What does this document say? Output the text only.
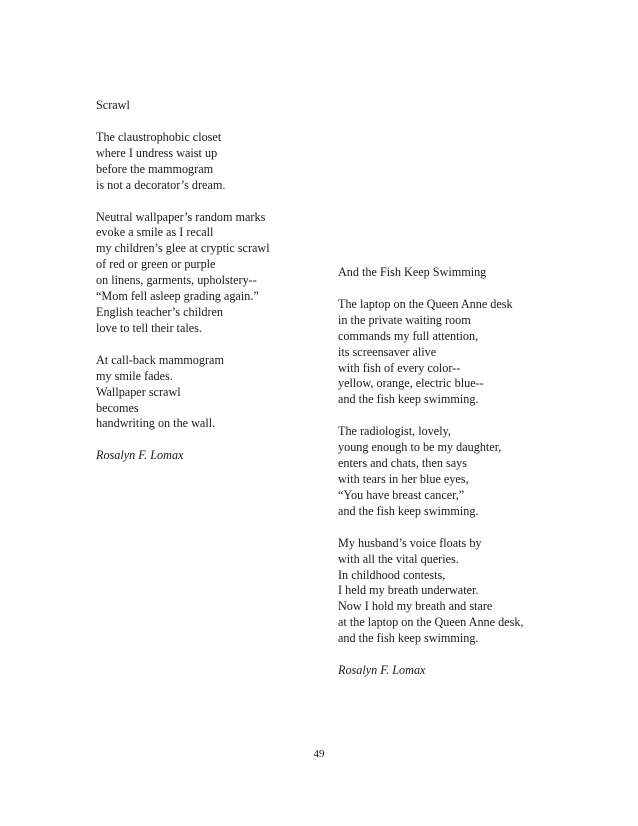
Scrawl
The claustrophobic closet
where I undress waist up
before the mammogram
is not a decorator’s dream.
Neutral wallpaper’s random marks
evoke a smile as I recall
my children’s glee at cryptic scrawl
of red or green or purple
on linens, garments, upholstery--
“Mom fell asleep grading again.”
English teacher’s children
love to tell their tales.
At call-back mammogram
my smile fades.
Wallpaper scrawl
becomes
handwriting on the wall.
Rosalyn F. Lomax
And the Fish Keep Swimming
The laptop on the Queen Anne desk
in the private waiting room
commands my full attention,
its screensaver alive
with fish of every color--
yellow, orange, electric blue--
and the fish keep swimming.
The radiologist, lovely,
young enough to be my daughter,
enters and chats, then says
with tears in her blue eyes,
“You have breast cancer,”
and the fish keep swimming.
My husband’s voice floats by
with all the vital queries.
In childhood contests,
I held my breath underwater.
Now I hold my breath and stare
at the laptop on the Queen Anne desk,
and the fish keep swimming.
Rosalyn F. Lomax
49
